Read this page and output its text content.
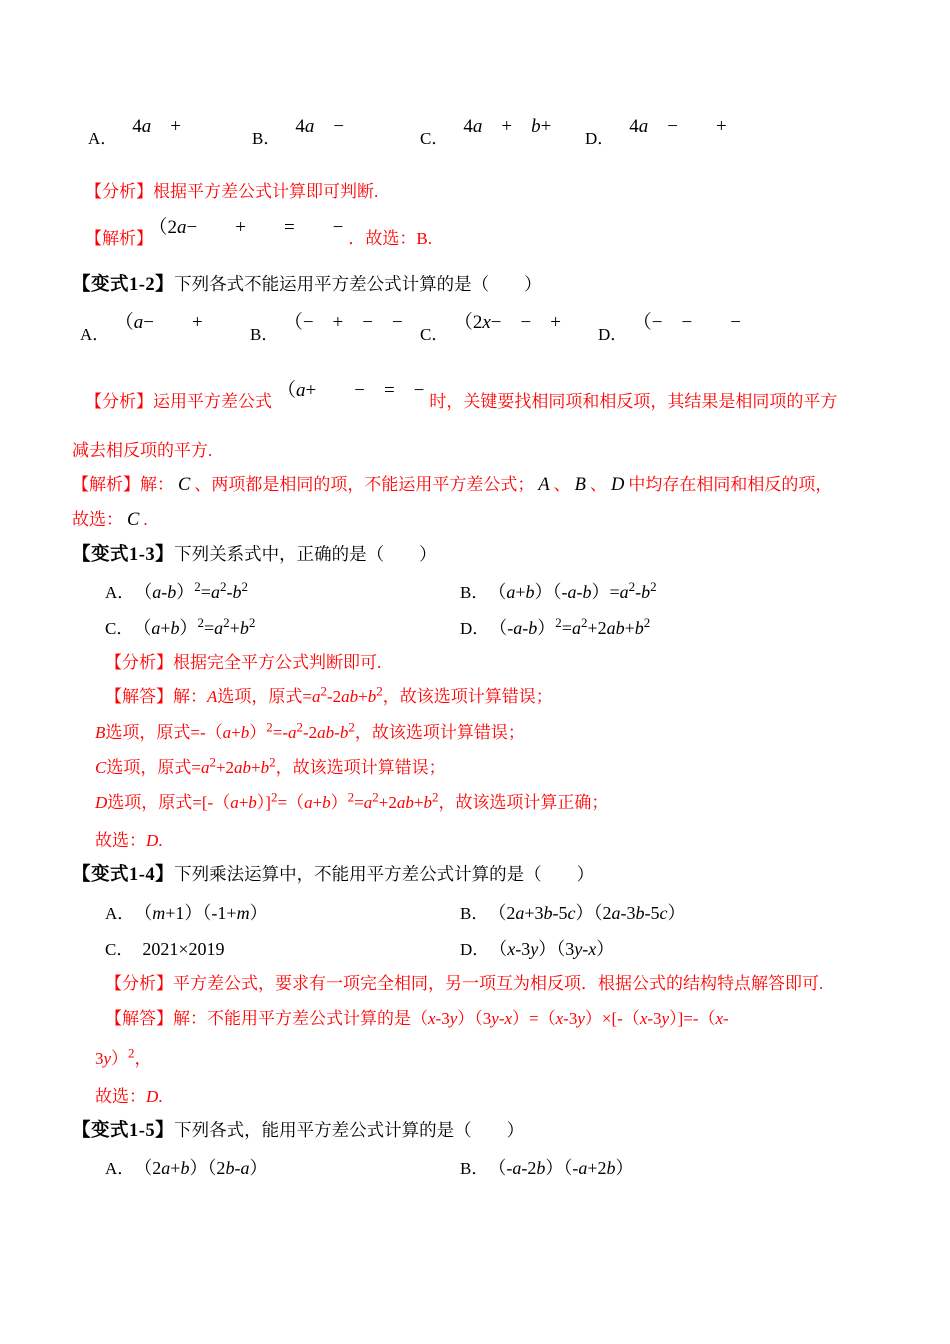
A．4a　+
B．4a　−
C．4a　+　b+
D．4a　−　　+
【分析】根据平方差公式计算即可判断.
【解析】（2a−　　+　　=　　−．故选：B.
【变式1-2】下列各式不能运用平方差公式计算的是（　　）
A．（a−　　+
B．（−　+　−　−
C．（2x−　−　+
D．（−　−　　−
【分析】运用平方差公式（a+　　−　=　−时，关键要找相同项和相反项，其结果是相同项的平方
减去相反项的平方.
【解析】解： C 、两项都是相同的项，不能运用平方差公式； A 、 B 、 D 中均存在相同和相反的项，
故选： C .
【变式1-3】下列关系式中，正确的是（　　）
A． $(a-b)^2=a^2-b^2$	B． $(a+b)(-a-b)=a^2-b^2$
C． $(a+b)^2=a^2+b^2$	D． $(-a-b)^2=a^2+2ab+b^2$
【分析】根据完全平方公式判断即可.
【解答】解：A选项，原式$=a^2-2ab+b^2$，故该选项计算错误；
B选项，原式$=-(a+b)^2=-a^2-2ab-b^2$，故该选项计算错误；
C选项，原式$=a^2+2ab+b^2$，故该选项计算错误；
D选项，原式$=[-(a+b)]^2=(a+b)^2=a^2+2ab+b^2$，故该选项计算正确；
故选：D.
【变式1-4】下列乘法运算中，不能用平方差公式计算的是（　　）
A． （m+1）（-1+m）	B． （2a+3b-5c）（2a-3b-5c）
C． 2021×2019	D． （x-3y）（3y-x）
【分析】平方差公式，要求有一项完全相同，另一项互为相反项．根据公式的结构特点解答即可.
【解答】解：不能用平方差公式计算的是（x-3y）（3y-x）=（x-3y）×[-（x-3y）]=-（x-
3y）$^2$，
故选：D.
【变式1-5】下列各式，能用平方差公式计算的是（　　）
A． （2a+b）（2b-a）	B． （-a-2b）（-a+2b）
